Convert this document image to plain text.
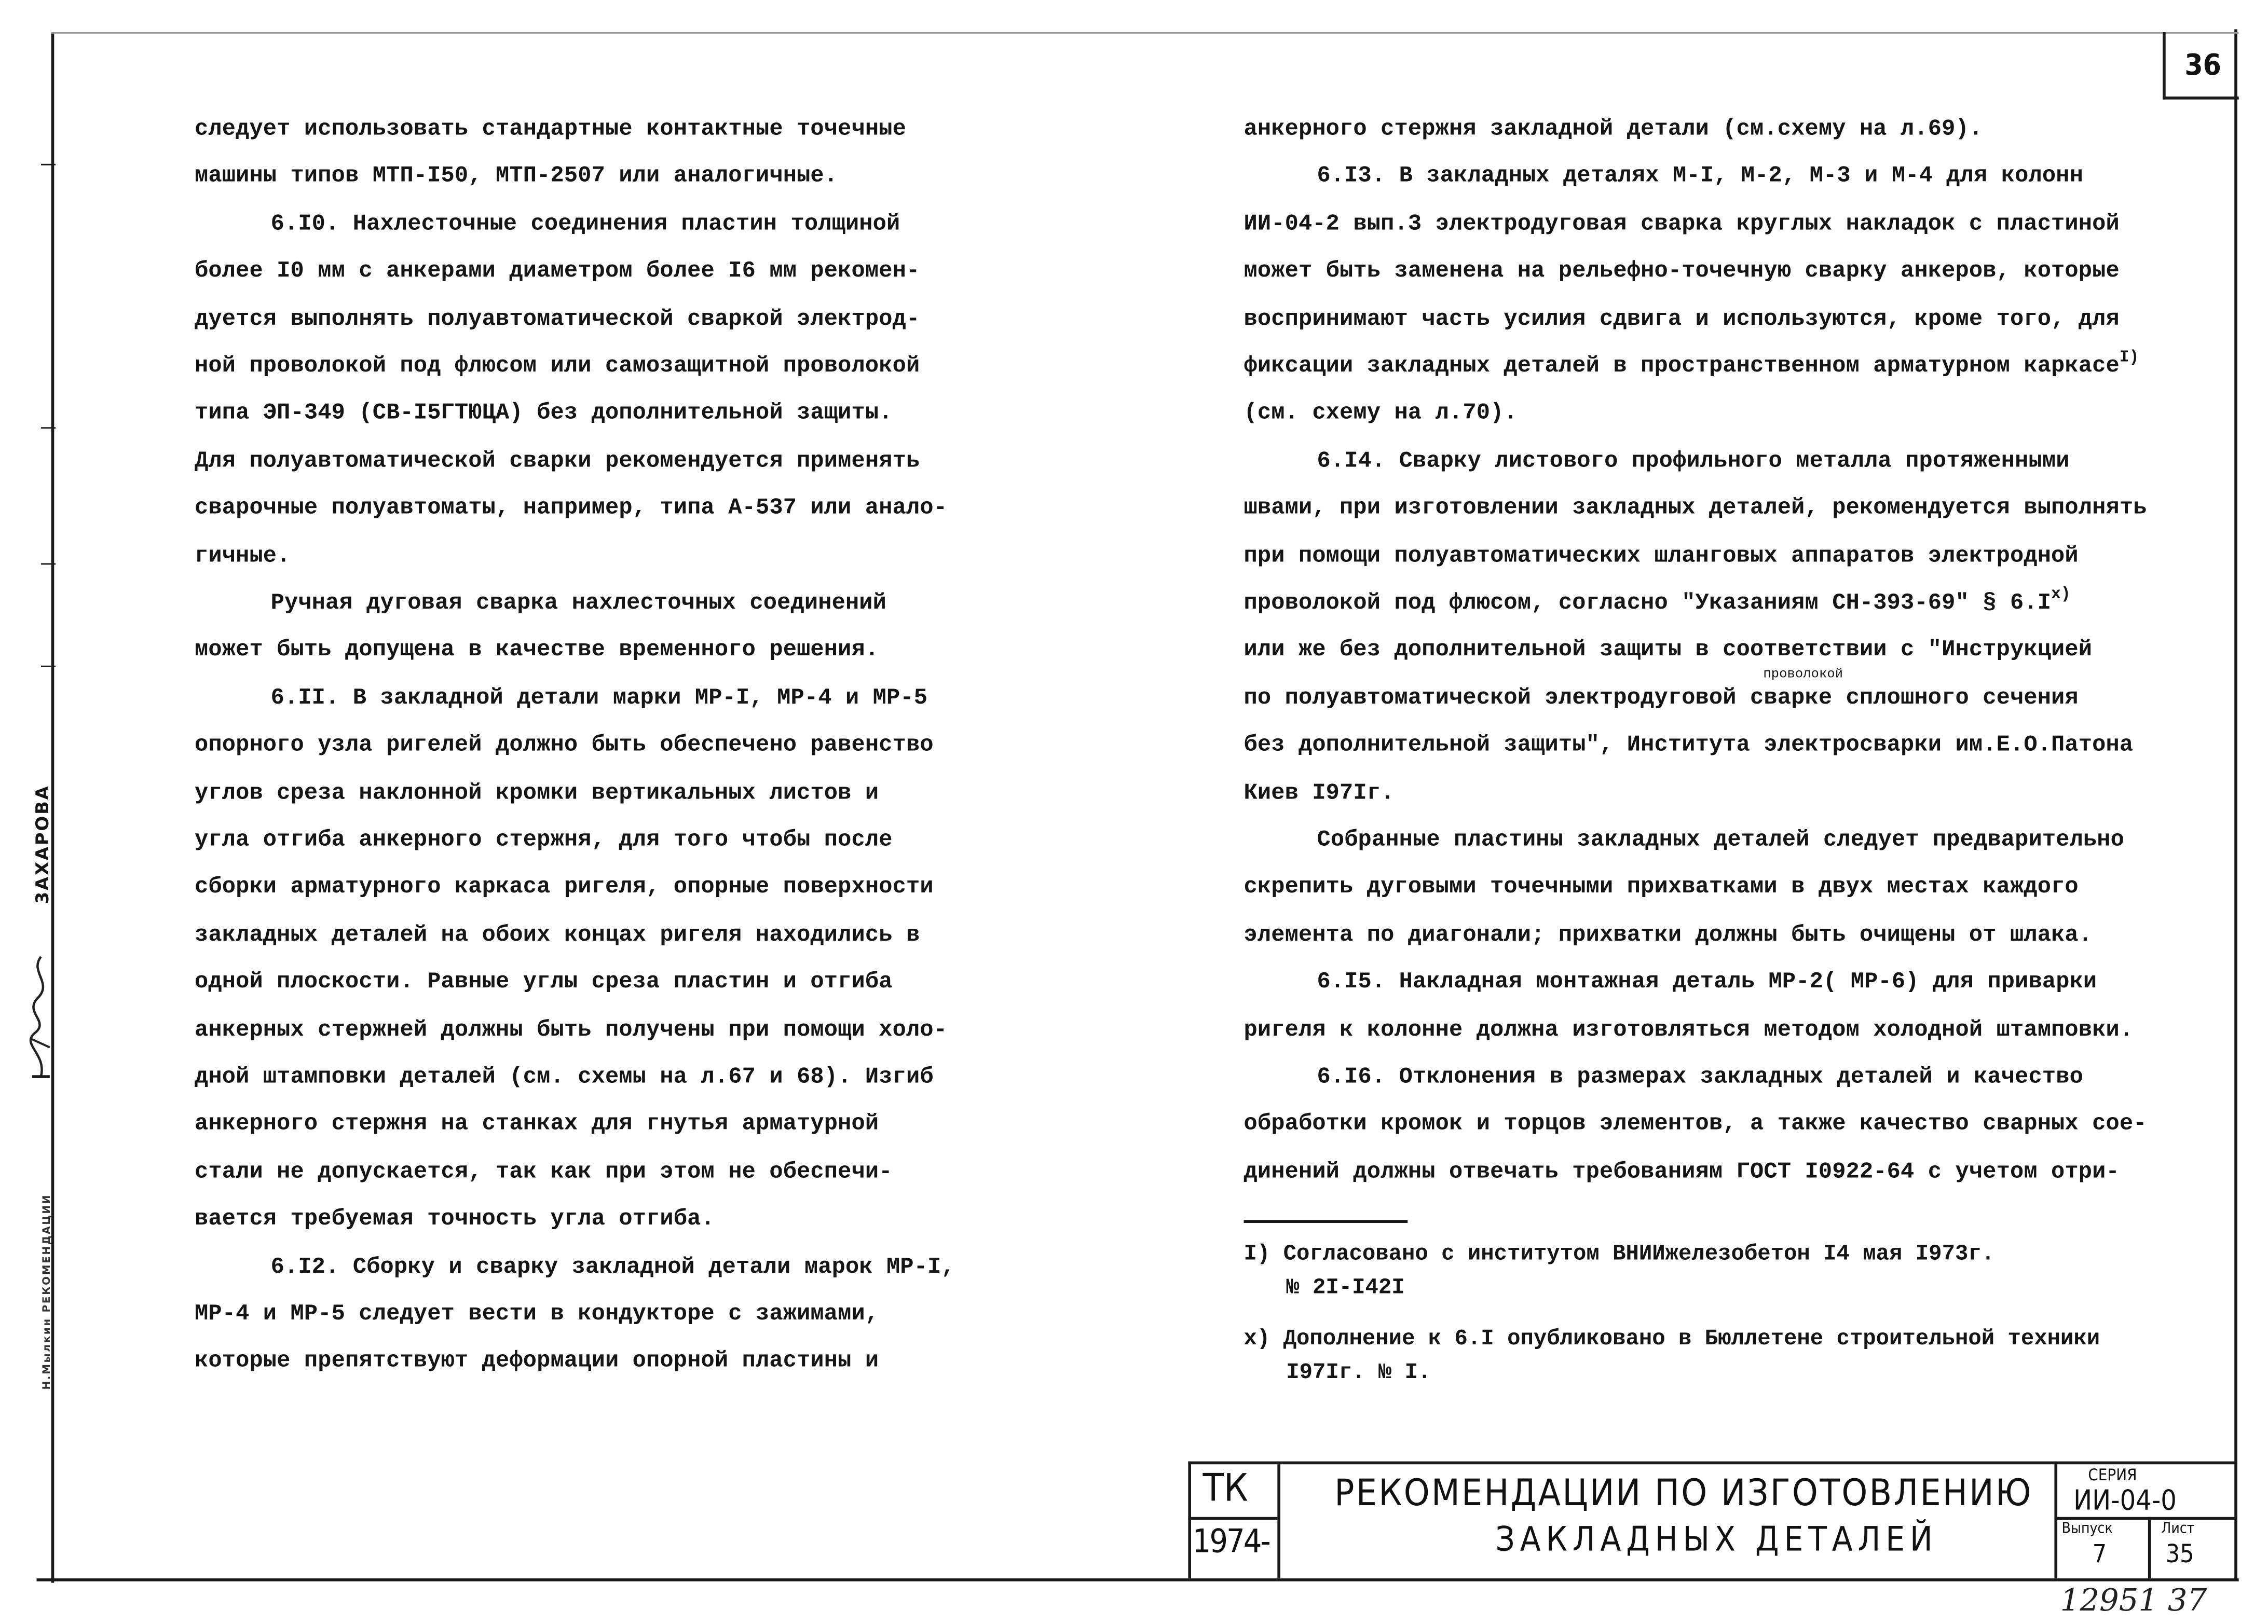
36
3АХАРОВА
Н.Мылкин РЕКОМЕНДАЦИИ
следует использовать стандартные контактные точечные
машины типов МТП-I50, МТП-2507 или аналогичные.
6.I0. Нахлесточные соединения пластин толщиной
более I0 мм с анкерами диаметром более I6 мм рекомен-
дуется выполнять полуавтоматической сваркой электрод-
ной проволокой под флюсом или самозащитной проволокой
типа ЭП-349 (СВ-I5ГТЮЦА) без дополнительной защиты.
Для полуавтоматической сварки рекомендуется применять
сварочные полуавтоматы, например, типа А-537 или анало-
гичные.
Ручная дуговая сварка нахлесточных соединений
может быть допущена в качестве временного решения.
6.II. В закладной детали марки МР-I, МР-4 и МР-5
опорного узла ригелей должно быть обеспечено равенство
углов среза наклонной кромки вертикальных листов и
угла отгиба анкерного стержня, для того чтобы после
сборки арматурного каркаса ригеля, опорные поверхности
закладных деталей на обоих концах ригеля находились в
одной плоскости. Равные углы среза пластин и отгиба
анкерных стержней должны быть получены при помощи холо-
дной штамповки деталей (см. схемы на л.67 и 68). Изгиб
анкерного стержня на станках для гнутья арматурной
стали не допускается, так как при этом не обеспечи-
вается требуемая точность угла отгиба.
6.I2. Сборку и сварку закладной детали марок МР-I,
МР-4 и МР-5 следует вести в кондукторе с зажимами,
которые препятствуют деформации опорной пластины и
анкерного стержня закладной детали (см.схему на л.69).
6.I3. В закладных деталях М-I, М-2, М-3 и М-4 для колонн
ИИ-04-2 вып.3 электродуговая сварка круглых накладок с пластиной
может быть заменена на рельефно-точечную сварку анкеров, которые
воспринимают часть усилия сдвига и используются, кроме того, для
фиксации закладных деталей в пространственном арматурном каркасе$^{I)}$
(см. схему на л.70).
6.I4. Сварку листового профильного металла протяженными
швами, при изготовлении закладных деталей, рекомендуется выполнять
при помощи полуавтоматических шланговых аппаратов электродной
проволокой под флюсом, согласно "Указаниям СН-393-69" § $6.I^{x)}$
или же без дополнительной защиты в соответствии с "Инструкцией
проволокой
по полуавтоматической электродуговой сварке сплошного сечения
без дополнительной защиты", Института электросварки им.Е.О.Патона
Киев I97Iг.
Собранные пластины закладных деталей следует предварительно
скрепить дуговыми точечными прихватками в двух местах каждого
элемента по диагонали; прихватки должны быть очищены от шлака.
6.I5. Накладная монтажная деталь МР-2( МР-6) для приварки
ригеля к колонне должна изготовляться методом холодной штамповки.
6.I6. Отклонения в размерах закладных деталей и качество
обработки кромок и торцов элементов, а также качество сварных сое-
динений должны отвечать требованиям ГОСТ I0922-64 с учетом отри-
I) Согласовано с институтом ВНИИжелезобетон I4 мая I973г.
№ 2I-I42I
x) Дополнение к 6.I опубликовано в Бюллетене строительной техники
I97Iг. № I.
ТК
1974-
РЕКОМЕНДАЦИИ ПО ИЗГОТОВЛЕНИЮ
ЗАКЛАДНЫХ ДЕТАЛЕЙ
СЕРИЯ
ИИ-04-0
Выпуск
7
Лист
35
12951 37
